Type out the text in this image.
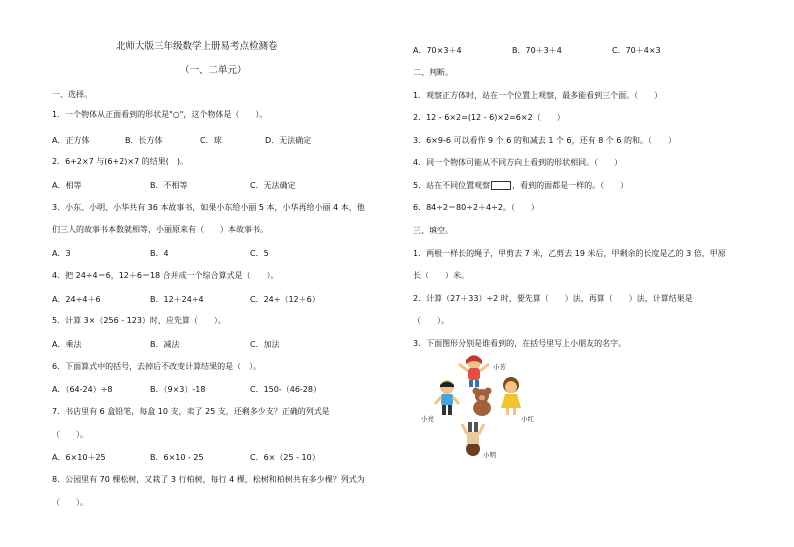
北师大版三年级数学上册易考点检测卷
（一、二单元）
一、选择。
1．一个物体从正面看到的形状是"○"，这个物体是（　　）。
A．正方体	B．长方体	C．球	D．无法确定
2．6+2×7 与(6+2)×7 的结果(　)。
A．相等	B．不相等	C．无法确定
3．小东、小明、小华共有 36 本故事书，如果小东给小丽 5 本，小华再给小丽 4 本，他
们三人的故事书本数就相等，小丽原来有（　　）本故事书。
A．3	B．4	C．5
4．把 24÷4＝6，12＋6＝18 合并成一个综合算式是（　　）。
A．24÷4＋6	B．12＋24÷4	C．24÷（12＋6）
5．计算 3×（256 - 123）时，应先算（　　）。
A．乘法	B．减法	C．加法
6．下面算式中的括号，去掉后不改变计算结果的是（　）。
A．（64-24）÷8	B．（9×3）-18	C．150-（46-28）
7．书店里有 6 盒铅笔，每盒 10 支，卖了 25 支，还剩多少支？正确的列式是
（　　）。
A．6×10＋25	B．6×10 - 25	C．6×（25 - 10）
8．公园里有 70 棵松树，又栽了 3 行柏树，每行 4 棵，松树和柏树共有多少棵？列式为
（　　）。
A．70×3＋4	B．70＋3＋4	C．70＋4×3
二、判断。
1．观察正方体时，站在一个位置上观察，最多能看到三个面。（　　）
2．12 - 6×2=(12 - 6)×2=6×2（　　）
3．6×9-6 可以看作 9 个 6 的和减去 1 个 6，还有 8 个 6 的和。（　　）
4．同一个物体可能从不同方向上看到的形状相同。（　　）
5．站在不同位置观察	，看到的面都是一样的。（　　）
6．84÷2＝80÷2＋4÷2。（　　）
三、填空。
1．两根一样长的绳子，甲剪去 7 米，乙剪去 19 米后，甲剩余的长度是乙的 3 倍，甲原
长（　　）米。
2．计算（27＋33）÷2 时，要先算（　　）法，再算（　　）法，计算结果是
（　　）。
3．下面图形分别是谁看到的，在括号里写上小朋友的名字。
小芳
小亮	小红
小明
